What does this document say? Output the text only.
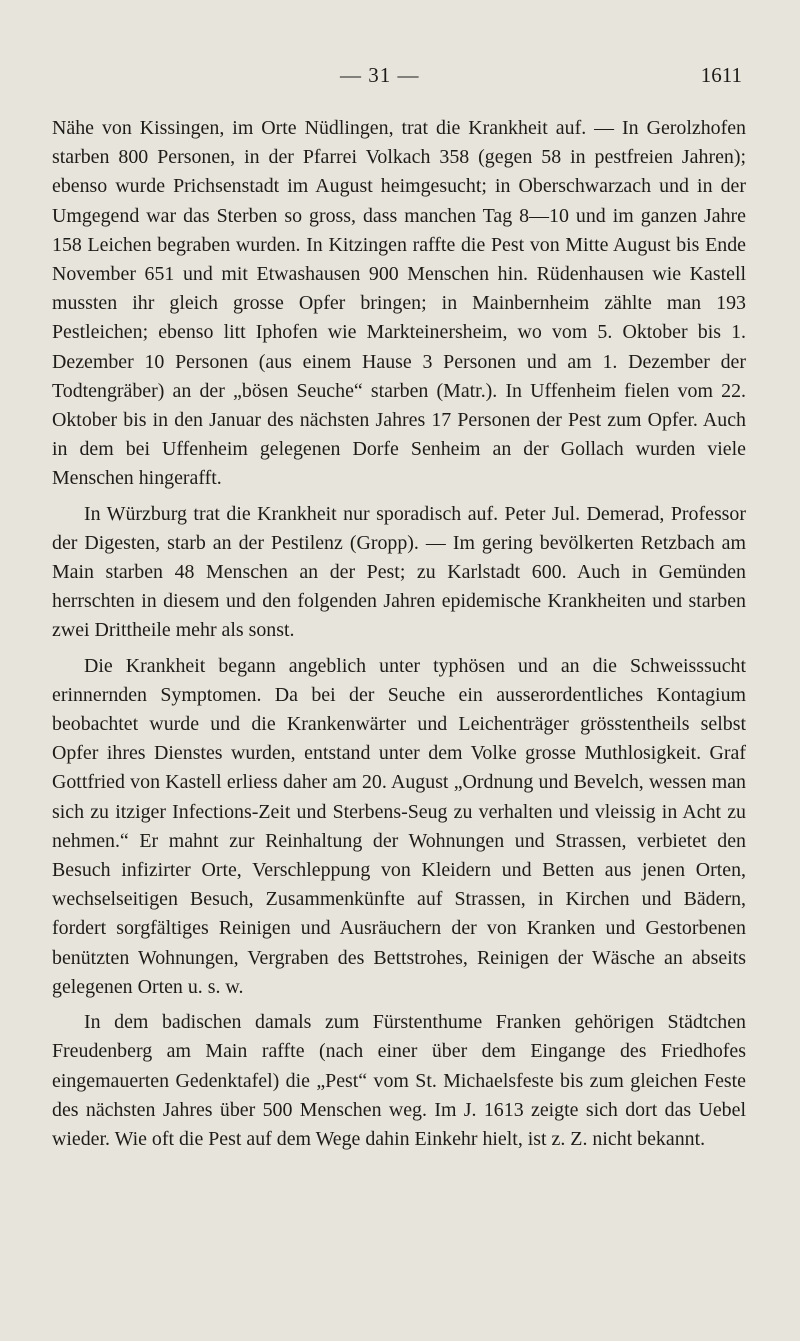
— 31 —	1611

Nähe von Kissingen, im Orte Nüdlingen, trat die Krankheit auf. — In Gerolzhofen starben 800 Personen, in der Pfarrei Volkach 358 (gegen 58 in pestfreien Jahren); ebenso wurde Prichsenstadt im August heimgesucht; in Oberschwarzach und in der Umgegend war das Sterben so gross, dass manchen Tag 8—10 und im ganzen Jahre 158 Leichen begraben wurden. In Kitzingen raffte die Pest von Mitte August bis Ende November 651 und mit Etwashausen 900 Menschen hin. Rüdenhausen wie Kastell mussten ihr gleich grosse Opfer bringen; in Mainbernheim zählte man 193 Pestleichen; ebenso litt Iphofen wie Markteinersheim, wo vom 5. Oktober bis 1. Dezember 10 Personen (aus einem Hause 3 Personen und am 1. Dezember der Todtengräber) an der „bösen Seuche“ starben (Matr.). In Uffenheim fielen vom 22. Oktober bis in den Januar des nächsten Jahres 17 Personen der Pest zum Opfer. Auch in dem bei Uffenheim gelegenen Dorfe Senheim an der Gollach wurden viele Menschen hingerafft.

In Würzburg trat die Krankheit nur sporadisch auf. Peter Jul. Demerad, Professor der Digesten, starb an der Pestilenz (Gropp). — Im gering bevölkerten Retzbach am Main starben 48 Menschen an der Pest; zu Karlstadt 600. Auch in Gemünden herrschten in diesem und den folgenden Jahren epidemische Krankheiten und starben zwei Drittheile mehr als sonst.

Die Krankheit begann angeblich unter typhösen und an die Schweisssucht erinnernden Symptomen. Da bei der Seuche ein ausserordentliches Kontagium beobachtet wurde und die Krankenwärter und Leichenträger grösstentheils selbst Opfer ihres Dienstes wurden, entstand unter dem Volke grosse Muthlosigkeit. Graf Gottfried von Kastell erliess daher am 20. August „Ordnung und Bevelch, wessen man sich zu itziger Infections-Zeit und Sterbens-Seug zu verhalten und vleissig in Acht zu nehmen.“ Er mahnt zur Reinhaltung der Wohnungen und Strassen, verbietet den Besuch infizirter Orte, Verschleppung von Kleidern und Betten aus jenen Orten, wechselseitigen Besuch, Zusammenkünfte auf Strassen, in Kirchen und Bädern, fordert sorgfältiges Reinigen und Ausräuchern der von Kranken und Gestorbenen benützten Wohnungen, Vergraben des Bettstrohes, Reinigen der Wäsche an abseits gelegenen Orten u. s. w.

In dem badischen damals zum Fürstenthume Franken gehörigen Städtchen Freudenberg am Main raffte (nach einer über dem Eingange des Friedhofes eingemauerten Gedenktafel) die „Pest“ vom St. Michaelsfeste bis zum gleichen Feste des nächsten Jahres über 500 Menschen weg. Im J. 1613 zeigte sich dort das Uebel wieder. Wie oft die Pest auf dem Wege dahin Einkehr hielt, ist z. Z. nicht bekannt.
